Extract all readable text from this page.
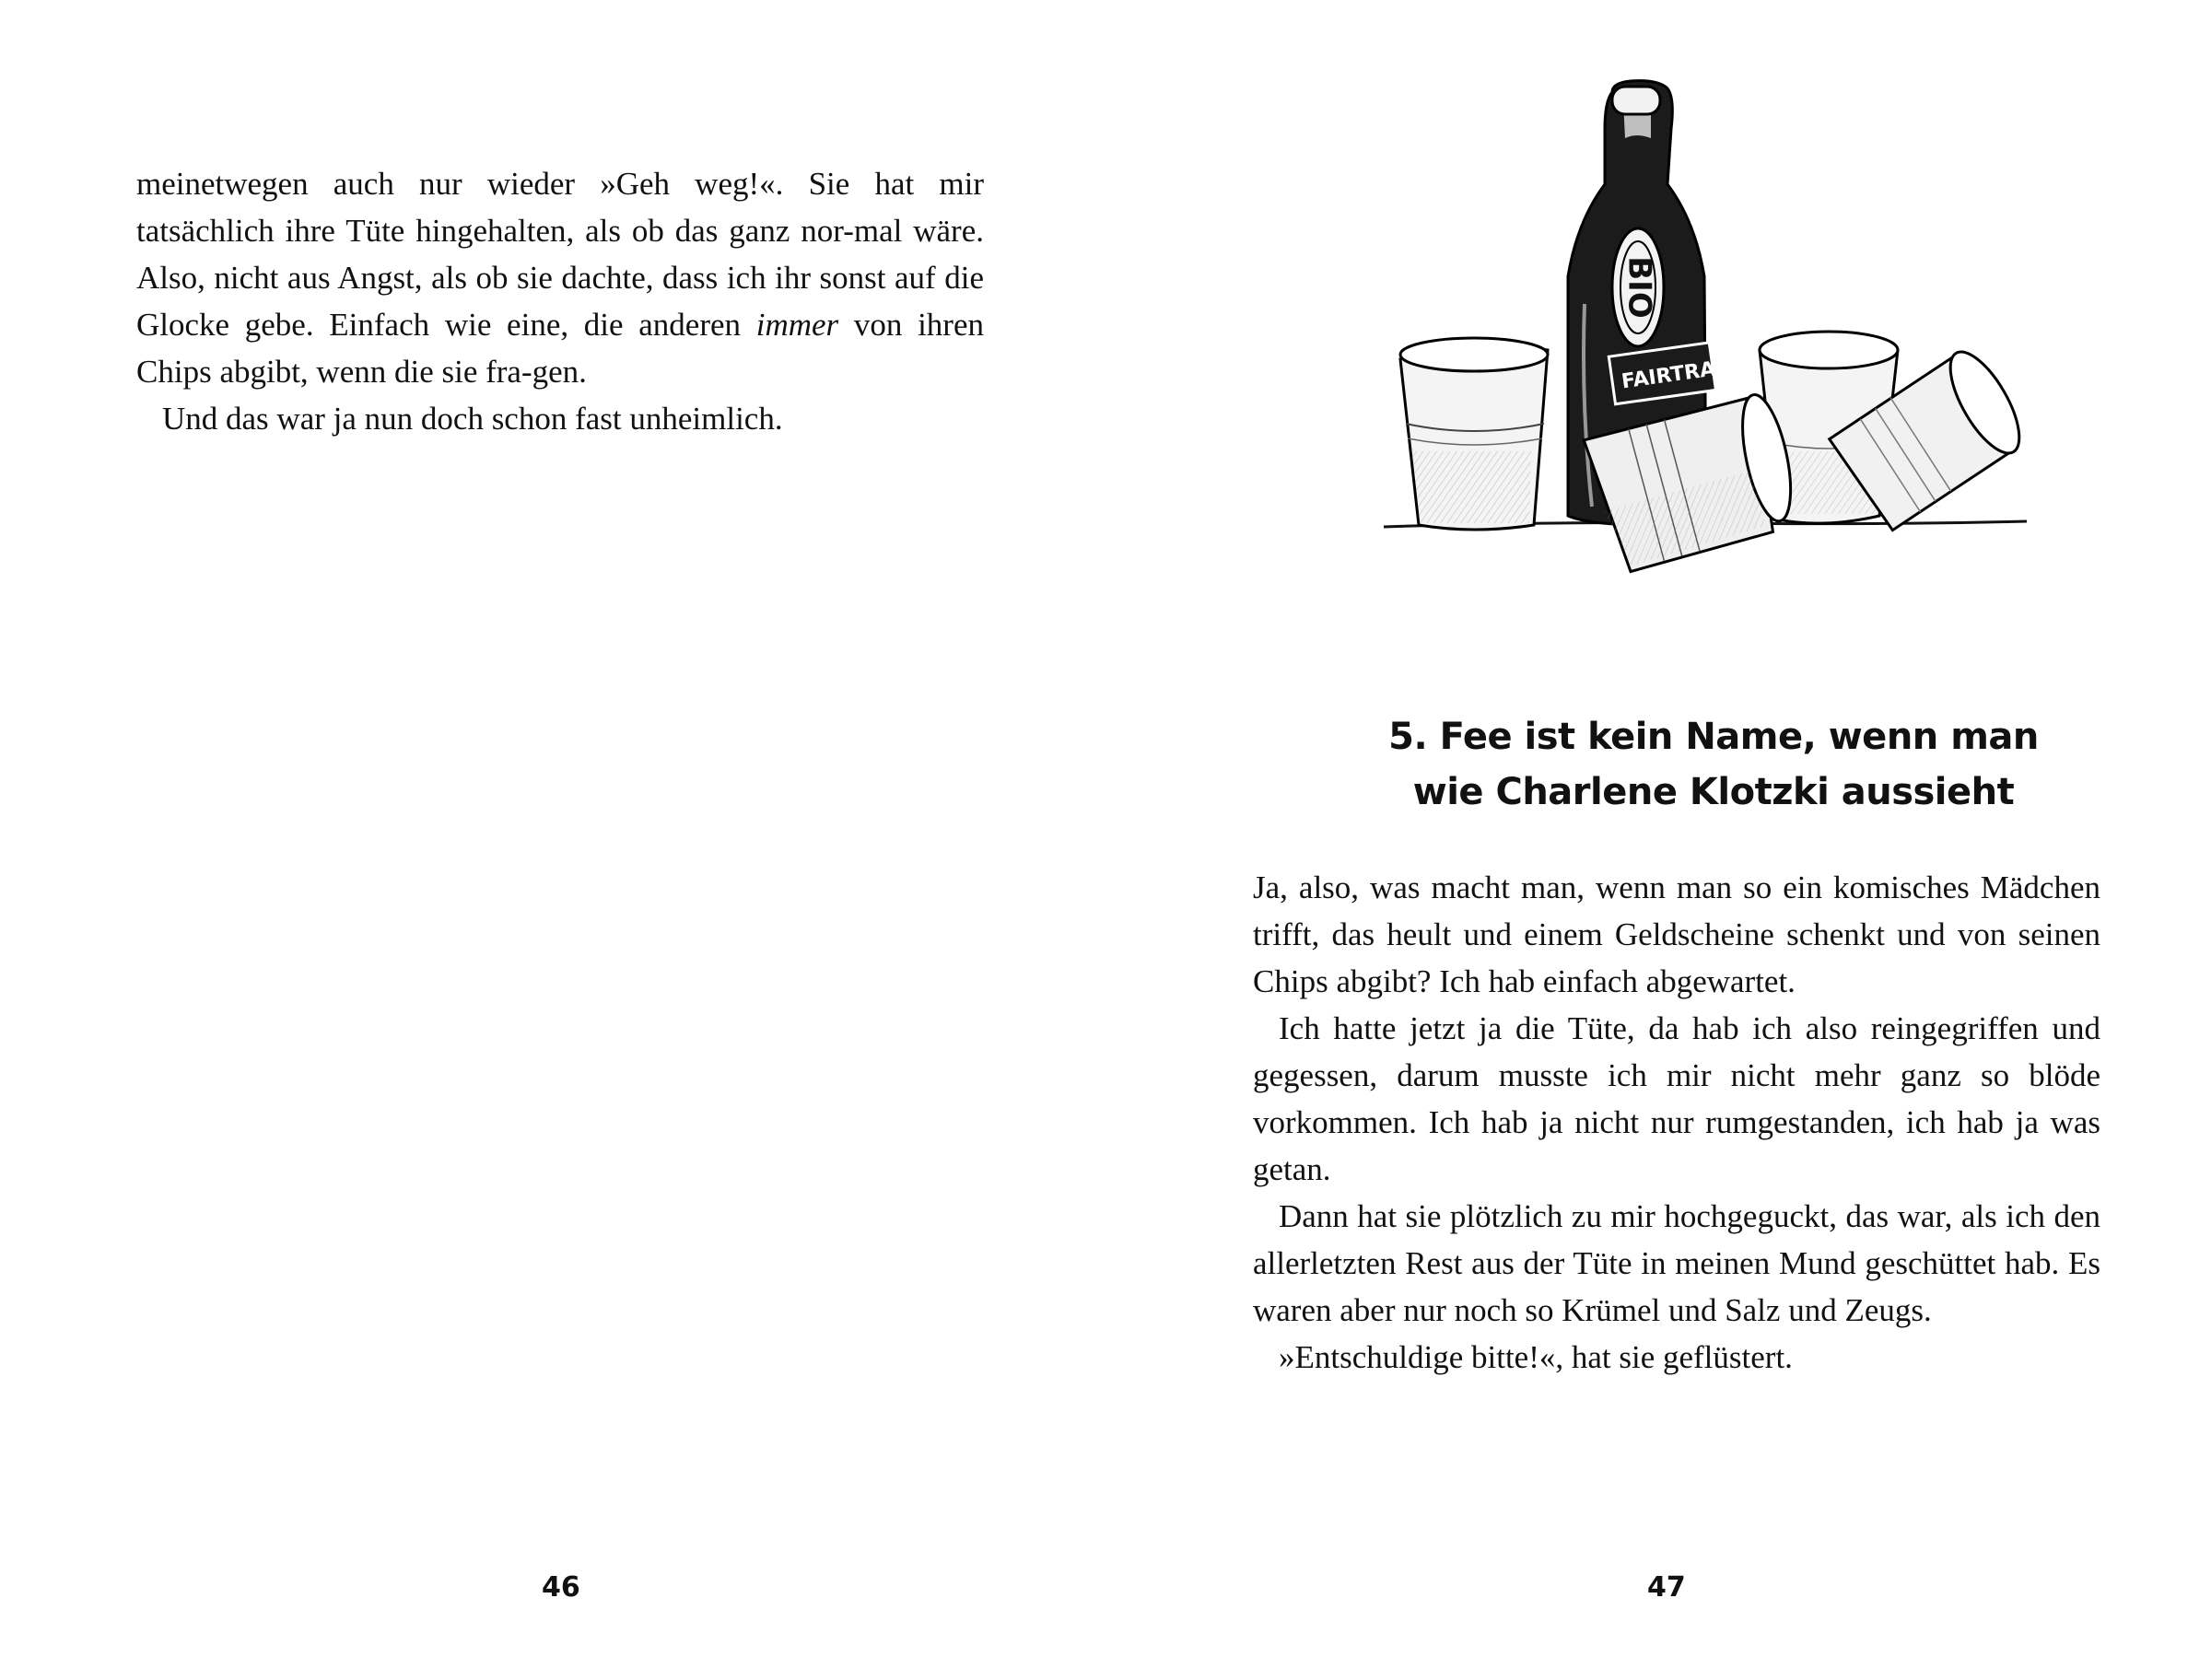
meinetwegen auch nur wieder »Geh weg!«. Sie hat mir tatsächlich ihre Tüte hingehalten, als ob das ganz nor-mal wäre. Also, nicht aus Angst, als ob sie dachte, dass ich ihr sonst auf die Glocke gebe. Einfach wie eine, die anderen immer von ihren Chips abgibt, wenn die sie fra-gen.

Und das war ja nun doch schon fast unheimlich.

46
BIO
FAIRTRA
5. Fee ist kein Name, wenn man
wie Charlene Klotzki aussieht

Ja, also, was macht man, wenn man so ein komisches Mädchen trifft, das heult und einem Geldscheine schenkt und von seinen Chips abgibt? Ich hab einfach abgewartet.

Ich hatte jetzt ja die Tüte, da hab ich also reingegriffen und gegessen, darum musste ich mir nicht mehr ganz so blöde vorkommen. Ich hab ja nicht nur rumgestanden, ich hab ja was getan.

Dann hat sie plötzlich zu mir hochgeguckt, das war, als ich den allerletzten Rest aus der Tüte in meinen Mund geschüttet hab. Es waren aber nur noch so Krümel und Salz und Zeugs.

»Entschuldige bitte!«, hat sie geflüstert.

47
